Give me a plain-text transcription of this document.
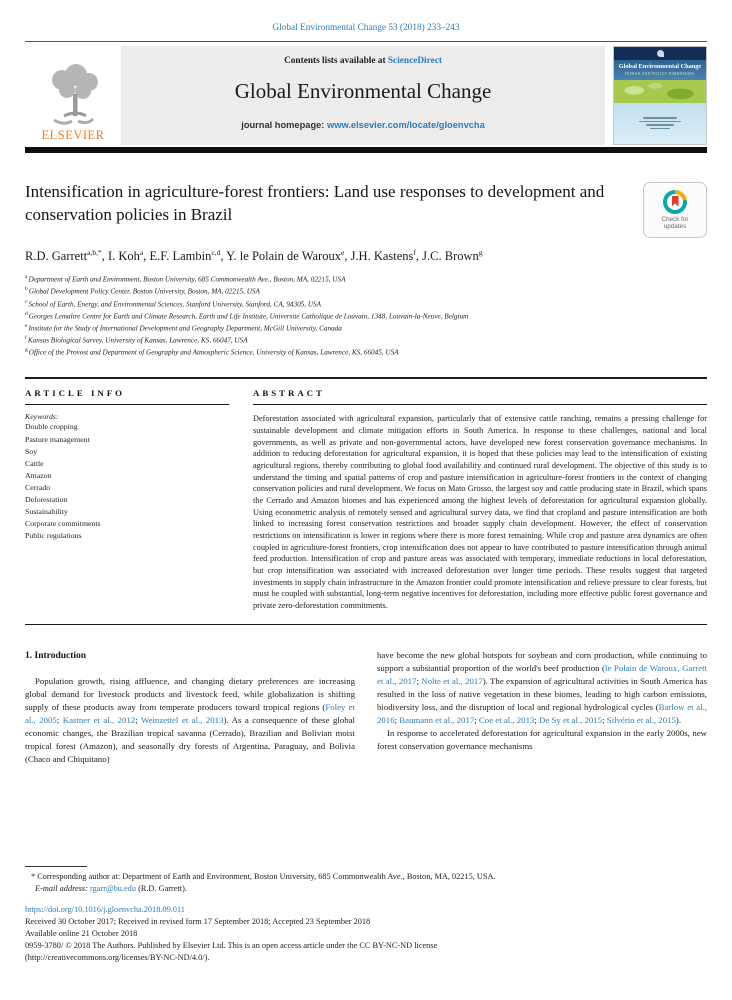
Global Environmental Change 53 (2018) 233–243
ELSEVIER
Contents lists available at ScienceDirect
Global Environmental Change
journal homepage: www.elsevier.com/locate/gloenvcha
Global Environmental Change
HUMAN AND POLICY DIMENSIONS
Intensification in agriculture-forest frontiers: Land use responses to development and conservation policies in Brazil	Check for
updates
R.D. Garrett$^{a,b,*}$, I. Koh$^a$, E.F. Lambin$^{c,d}$, Y. le Polain de Waroux$^e$, J.H. Kastens$^f$, J.C. Brown$^g$
$^a$Department of Earth and Environment, Boston University, 685 Commonwealth Ave., Boston, MA, 02215, USA
$^b$Global Development Policy Center, Boston University, Boston, MA, 02215, USA
$^c$School of Earth, Energy, and Environmental Sciences, Stanford University, Stanford, CA, 94305, USA
$^d$Georges Lemaître Centre for Earth and Climate Research, Earth and Life Institute, Université Catholique de Louvain, 1348, Louvain-la-Neuve, Belgium
$^e$Institute for the Study of International Development and Geography Department, McGill University, Canada
$^f$Kansas Biological Survey, University of Kansas, Lawrence, KS, 66047, USA
$^g$Office of the Provost and Department of Geography and Atmospheric Science, University of Kansas, Lawrence, KS, 66045, USA
ARTICLE INFO
Keywords:
Double cropping
Pasture management
Soy
Cattle
Amazon
Cerrado
Deforestation
Sustainability
Corporate commitments
Public regulations
ABSTRACT
Deforestation associated with agricultural expansion, particularly that of extensive cattle ranching, remains a pressing challenge for sustainable development and climate mitigation efforts in South America. In response to these challenges, national and local governments, as well as private and non-governmental actors, have developed new forest conservation governance mechanisms. In addition to reducing deforestation for agricultural expansion, it is hoped that these policies may lead to the intensification of existing agricultural regions, thereby contributing to global food availability and continued rural development. The objective of this study is to understand the timing and spatial patterns of crop and pasture intensification in agriculture-forest frontiers in the context of changing conservation policies and rural development. We focus on Mato Grosso, the largest soy and cattle producing state in Brazil, which spans the Cerrado and Amazon biomes and has experienced among the highest levels of deforestation for agricultural expansion globally. Using econometric analysis of remotely sensed and agricultural survey data, we find that cropland and pasture intensification are both linked to increasing forest conservation restrictions and broader supply chain development. However, the effect of conservation restrictions on intensification is lower in regions where there is more forest remaining. While crop and pasture area dynamics are often coupled in agriculture-forest frontiers, crop intensification does not appear to have contributed to pasture intensification through animal feed production. Intensification of crop and pasture areas was associated with temporary, immediate reductions in local deforestation, but crop intensification was associated with increased deforestation over longer time periods. These results suggest that targeted investments in supply chain infrastructure in the Amazon frontier could promote intensification and relieve pressure to clear forests, but must be coupled with substantial, long-term negative incentives for deforestation, including more effective public forest governance and private zero-deforestation commitments.
1. Introduction
Population growth, rising affluence, and changing dietary preferences are increasing global demand for livestock products and livestock feed, while globalization is shifting supply of these products away from temperate producers toward tropical regions (Foley et al., 2005; Kastner et al., 2012; Weinzettel et al., 2013). As a consequence of these global economic changes, the Brazilian tropical savanna (Cerrado), Brazilian and Bolivian moist tropical forest (Amazon), and seasonally dry forests of Argentina, Paraguay, and Bolivia (Chaco and Chiquitano)
have become the new global hotspots for soybean and corn production, while continuing to support a substantial proportion of the world's beef production (le Polain de Waroux, Garrett et al., 2017; Nolte et al., 2017). The expansion of agricultural activities in South America has resulted in the loss of native vegetation in these biomes, leading to high carbon emissions, biodiversity loss, and the disruption of local and regional hydrological cycles (Barlow et al., 2016; Baumann et al., 2017; Coe et al., 2013; De Sy et al., 2015; Silvério et al., 2015).
In response to accelerated deforestation for agricultural expansion in the early 2000s, new forest conservation governance mechanisms
* Corresponding author at: Department of Earth and Environment, Boston University, 685 Commonwealth Ave., Boston, MA, 02215, USA.
E-mail address: rgarr@bu.edu (R.D. Garrett).
https://doi.org/10.1016/j.gloenvcha.2018.09.011
Received 30 October 2017; Received in revised form 17 September 2018; Accepted 23 September 2018
Available online 21 October 2018
0959-3780/ © 2018 The Authors. Published by Elsevier Ltd. This is an open access article under the CC BY-NC-ND license
(http://creativecommons.org/licenses/BY-NC-ND/4.0/).
